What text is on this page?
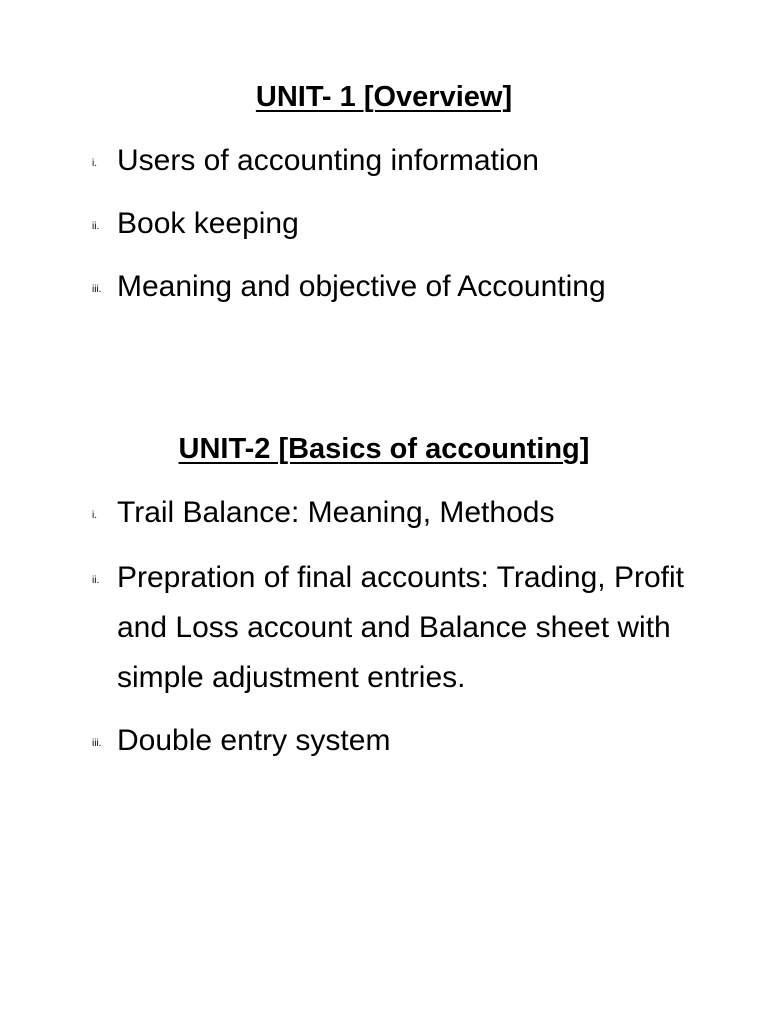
UNIT- 1 [Overview]
i. Users of accounting information
ii. Book keeping
iii. Meaning and objective of Accounting
UNIT-2 [Basics of accounting]
i. Trail Balance: Meaning, Methods
ii. Prepration of final accounts: Trading, Profit and Loss account and Balance sheet with simple adjustment entries.
iii. Double entry system
